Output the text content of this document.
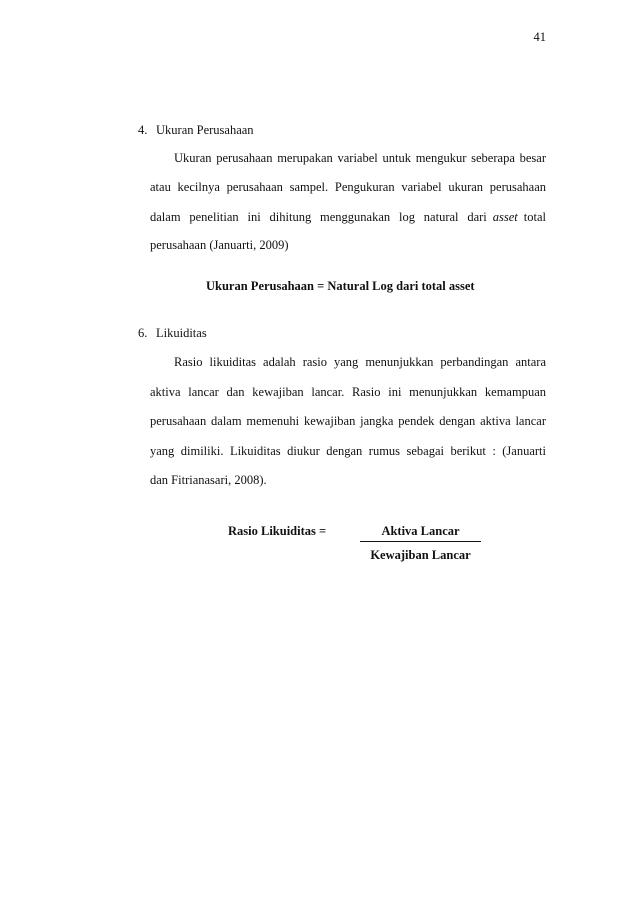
41
4. Ukuran Perusahaan
Ukuran perusahaan merupakan variabel untuk mengukur seberapa besar
atau kecilnya perusahaan sampel. Pengukuran variabel ukuran perusahaan
dalam penelitian ini dihitung menggunakan log natural dari asset total
perusahaan (Januarti, 2009)
Ukuran Perusahaan = Natural Log dari total asset
6. Likuiditas
Rasio likuiditas adalah rasio yang menunjukkan perbandingan antara
aktiva lancar dan kewajiban lancar. Rasio ini menunjukkan kemampuan
perusahaan dalam memenuhi kewajiban jangka pendek dengan aktiva lancar
yang dimiliki. Likuiditas diukur dengan rumus sebagai berikut : (Januarti
dan Fitrianasari, 2008).
Rasio Likuiditas =	Aktiva Lancar
Kewajiban Lancar
